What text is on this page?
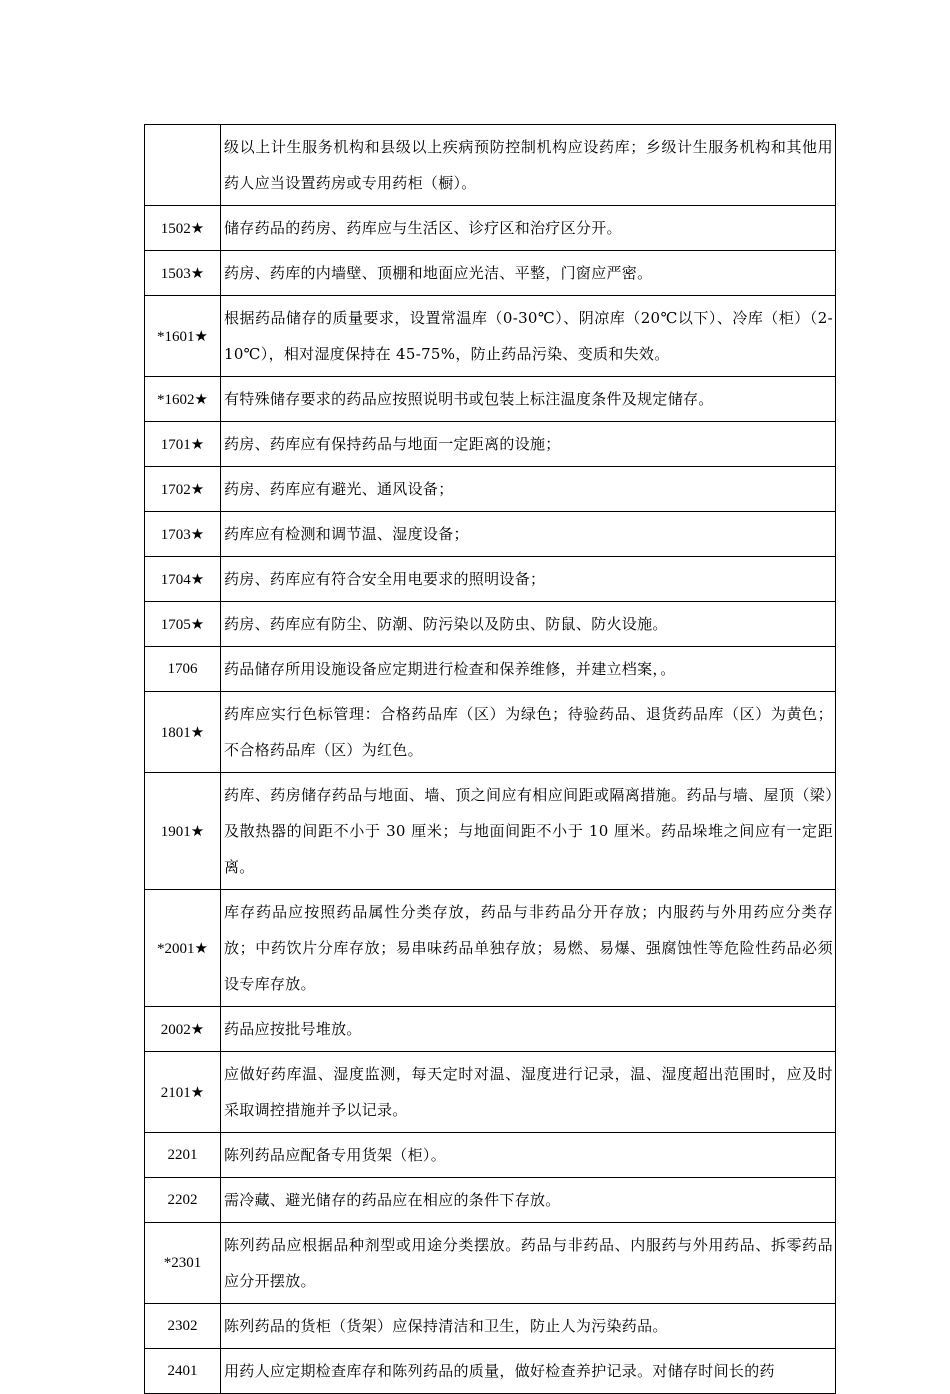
	级以上计生服务机构和县级以上疾病预防控制机构应设药库；乡级计生服务机构和其他用药人应当设置药房或专用药柜（橱）。
1502★	储存药品的药房、药库应与生活区、诊疗区和治疗区分开。
1503★	药房、药库的内墙壁、顶棚和地面应光洁、平整，门窗应严密。
*1601★	根据药品储存的质量要求，设置常温库（0-30℃）、阴凉库（20℃以下）、冷库（柜）（2-10℃），相对湿度保持在 45-75%，防止药品污染、变质和失效。
*1602★	有特殊储存要求的药品应按照说明书或包装上标注温度条件及规定储存。
1701★	药房、药库应有保持药品与地面一定距离的设施；
1702★	药房、药库应有避光、通风设备；
1703★	药库应有检测和调节温、湿度设备；
1704★	药房、药库应有符合安全用电要求的照明设备；
1705★	药房、药库应有防尘、防潮、防污染以及防虫、防鼠、防火设施。
1706	药品储存所用设施设备应定期进行检查和保养维修，并建立档案，。
1801★	药库应实行色标管理：合格药品库（区）为绿色；待验药品、退货药品库（区）为黄色；不合格药品库（区）为红色。
1901★	药库、药房储存药品与地面、墙、顶之间应有相应间距或隔离措施。药品与墙、屋顶（梁）及散热器的间距不小于 30 厘米；与地面间距不小于 10 厘米。药品垛堆之间应有一定距离。
*2001★	库存药品应按照药品属性分类存放，药品与非药品分开存放；内服药与外用药应分类存放；中药饮片分库存放；易串味药品单独存放；易燃、易爆、强腐蚀性等危险性药品必须设专库存放。
2002★	药品应按批号堆放。
2101★	应做好药库温、湿度监测，每天定时对温、湿度进行记录，温、湿度超出范围时，应及时采取调控措施并予以记录。
2201	陈列药品应配备专用货架（柜）。
2202	需冷藏、避光储存的药品应在相应的条件下存放。
*2301	陈列药品应根据品种剂型或用途分类摆放。药品与非药品、内服药与外用药品、拆零药品应分开摆放。
2302	陈列药品的货柜（货架）应保持清洁和卫生，防止人为污染药品。
2401	用药人应定期检查库存和陈列药品的质量，做好检查养护记录。对储存时间长的药
